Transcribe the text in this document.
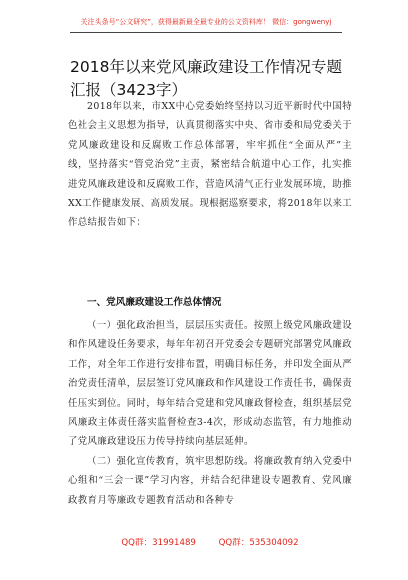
关注头条号“公文研究”，获得最新最全最专业的公文资料库！ 微信：gongwenyj
2018年以来党风廉政建设工作情况专题汇报（3423字）

2018年以来，市XX中心党委始终坚持以习近平新时代中国特色社会主义思想为指导，认真贯彻落实中央、省市委和局党委关于党风廉政建设和反腐败工作总体部署，牢牢抓住“全面从严”主线，坚持落实“管党治党”主责，紧密结合航道中心工作，扎实推进党风廉政建设和反腐败工作，营造风清气正行业发展环境，助推XX工作健康发展、高质发展。现根据巡察要求，将2018年以来工作总结报告如下：

一、党风廉政建设工作总体情况

（一）强化政治担当，层层压实责任。按照上级党风廉政建设和作风建设任务要求，每年年初召开党委会专题研究部署党风廉政工作，对全年工作进行安排布置，明确目标任务，并印发全面从严治党责任清单，层层签订党风廉政和作风建设工作责任书，确保责任压实到位。同时，每年结合党建和党风廉政督检查，组织基层党风廉政主体责任落实监督检查3-4次，形成动态监管，有力地推动了党风廉政建设压力传导持续向基层延伸。

（二）强化宣传教育，筑牢思想防线。将廉政教育纳入党委中心组和“三会一课”学习内容，并结合纪律建设专题教育、党风廉政教育月等廉政专题教育活动和各种专

QQ群：31991489	QQ群：535304092
